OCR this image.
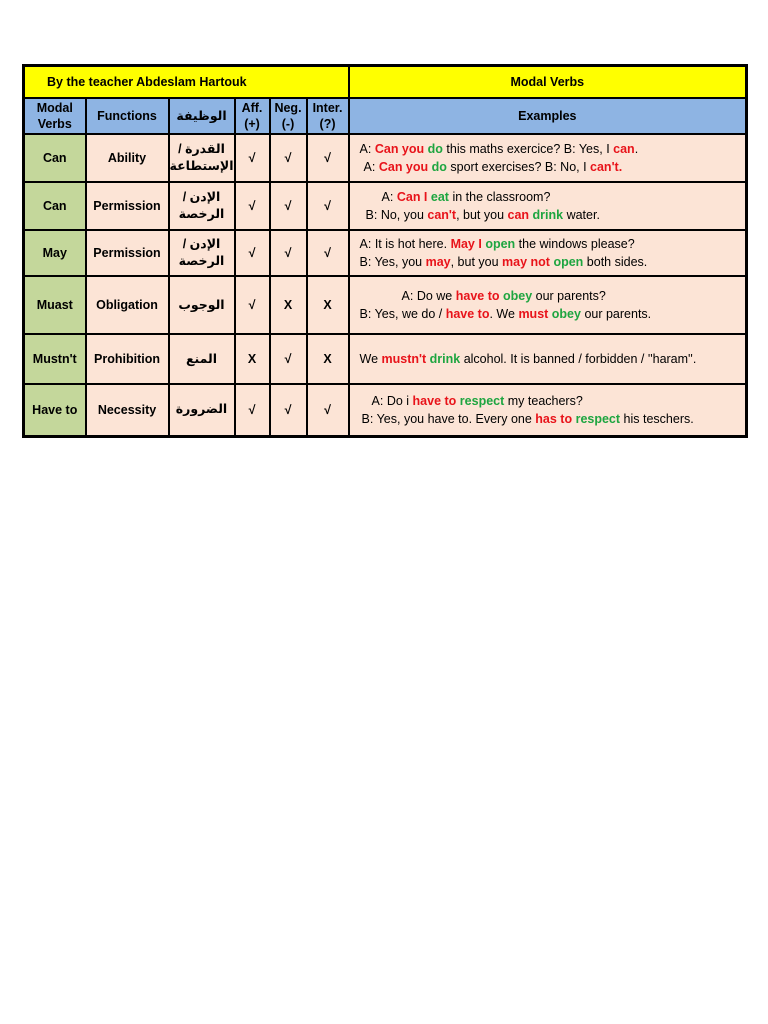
By the teacher Abdeslam Hartouk						Modal Verbs
Modal Verbs	Functions	الوظيفة	Aff. (+)	Neg. (-)	Inter. (?)	Examples
Can	Ability	القدرة / الإستطاعة	√	√	√	A: Can you do this maths exercice? B: Yes, I can.
A: Can you do sport exercises? B: No, I can't.

Can	Permission	الإدن / الرخصة	√	√	√	A: Can I eat in the classroom?
B: No, you can't, but you can drink water.

May	Permission	الإدن / الرخصة	√	√	√	A: It is hot here. May I open the windows please?
B: Yes, you may, but you may not open both sides.

Muast	Obligation	الوجوب	√	X	X	A: Do we have to obey our parents?
B: Yes, we do / have to. We must obey our parents.

Mustn't	Prohibition	المنع	X	√	X	We mustn't drink alcohol. It is banned / forbidden / ''haram''.

Have to	Necessity	الضرورة	√	√	√	A: Do i have to respect my teachers?
B: Yes, you have to. Every one has to respect his teschers.
